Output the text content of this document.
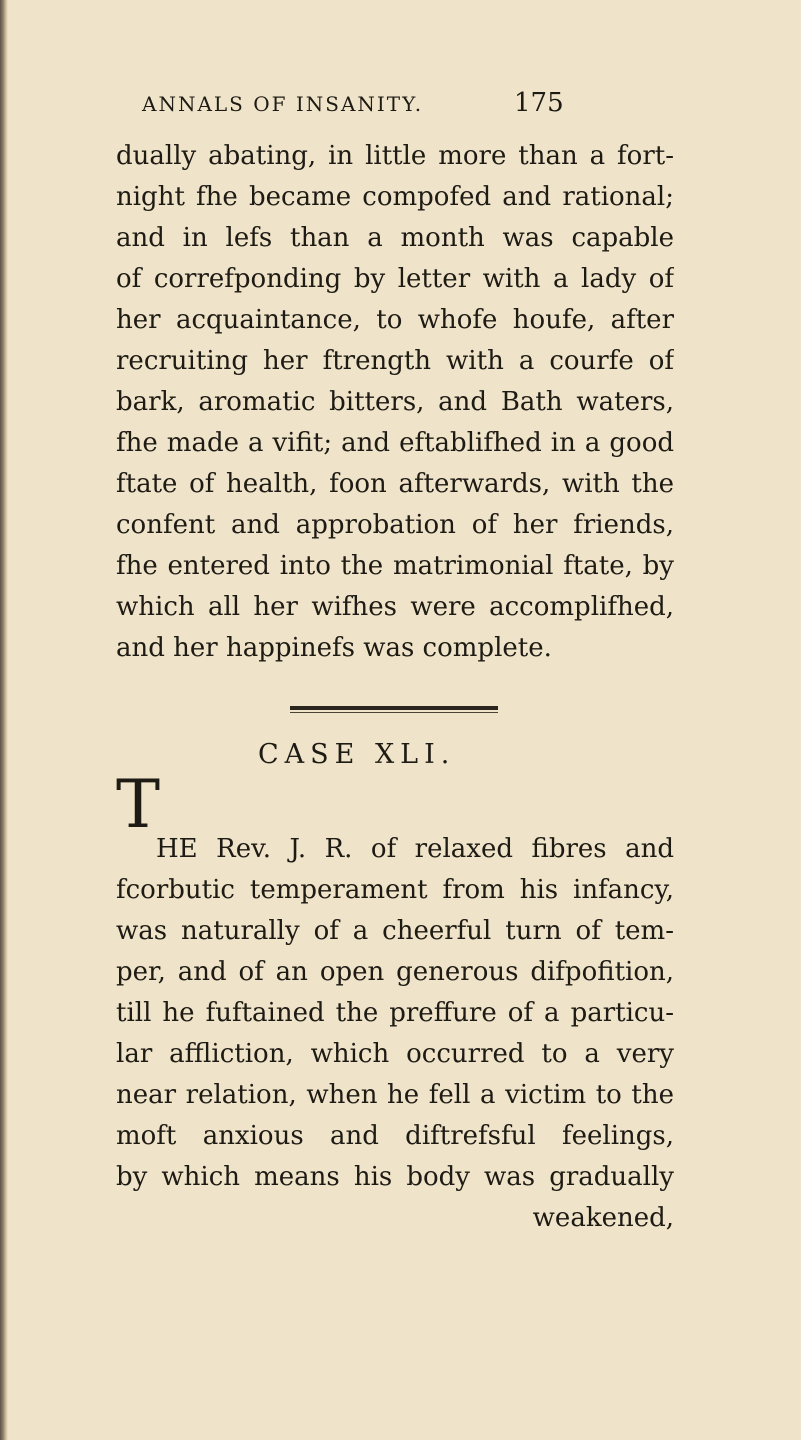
ANNALS OF INSANITY.	175
dually abating, in little more than a fort-
night fhe became compofed and rational;
and in lefs than a month was capable
of correfponding by letter with a lady of
her acquaintance, to whofe houfe, after
recruiting her ftrength with a courfe of
bark, aromatic bitters, and Bath waters,
fhe made a vifit; and eftablifhed in a good
ftate of health, foon afterwards, with the
confent and approbation of her friends,
fhe entered into the matrimonial ftate, by
which all her wifhes were accomplifhed,
and her happinefs was complete.
CASE XLI.
T
HE Rev. J. R. of relaxed fibres and
fcorbutic temperament from his infancy,
was naturally of a cheerful turn of tem-
per, and of an open generous difpofition,
till he fuftained the preffure of a particu-
lar affliction, which occurred to a very
near relation, when he fell a victim to the
moft anxious and diftrefsful feelings,
by which means his body was gradually
weakened,
